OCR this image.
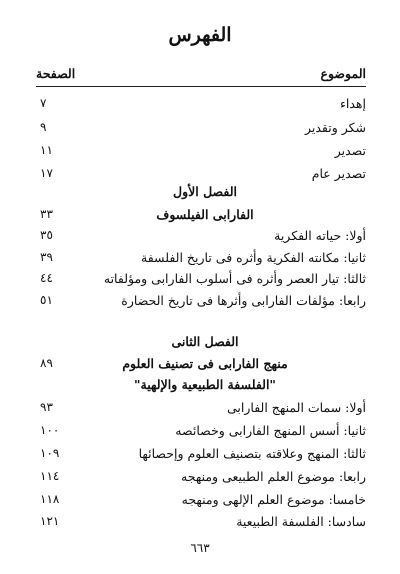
الفهرس
الموضوع
الصفحة
إهداء
٧
شكر وتقدير
٩
تصدير
١١
تصدير عام
١٧
الفصل الأول
الفارابى الفيلسوف
٣٣
أولا: حياته الفكرية
٣٥
ثانيا: مكانته الفكرية وأثره فى تاريخ الفلسفة
٣٩
ثالثا: تيار العصر وأثره فى أسلوب الفارابى ومؤلفاته
٤٤
رابعا: مؤلفات الفارابى وأثرها فى تاريخ الحضارة
٥١
الفصل الثانى
منهج الفارابى فى تصنيف العلوم
٨٩
"الفلسفة الطبيعية والإلهية"
أولا: سمات المنهج الفارابى
٩٣
ثانيا: أسس المنهج الفارابى وخصائصه
١٠٠
ثالثا: المنهج وعلاقته بتصنيف العلوم وإحصائها
١٠٩
رابعا: موضوع العلم الطبيعى ومنهجه
١١٤
خامسا: موضوع العلم الإلهى ومنهجه
١١٨
سادسا: الفلسفة الطبيعية
١٢١
٦٦٣
